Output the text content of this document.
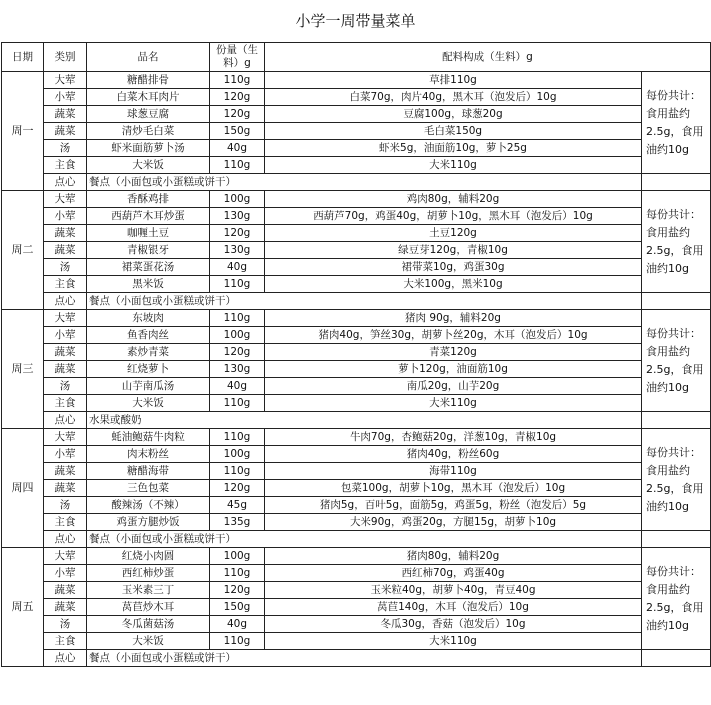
小学一周带量菜单
日期	类别	品名	份量（生料）g	配料构成（生料）g	
周一	大荤	糖醋排骨	110g	草排110g	每份共计：食用盐约2.5g，食用油约10g
	小荤	白菜木耳肉片	120g	白菜70g，肉片40g，黑木耳（泡发后）10g	
	蔬菜	球葱豆腐	120g	豆腐100g，球葱20g	
	蔬菜	清炒毛白菜	150g	毛白菜150g	
	汤	虾米面筋萝卜汤	40g	虾米5g，油面筋10g，萝卜25g	
	主食	大米饭	110g	大米110g	
	点心	餐点（小面包或小蛋糕或饼干）			
周二	大荤	香酥鸡排	100g	鸡肉80g，辅料20g	每份共计：食用盐约2.5g，食用油约10g
	小荤	西葫芦木耳炒蛋	130g	西葫芦70g，鸡蛋40g，胡萝卜10g，黑木耳（泡发后）10g	
	蔬菜	咖喱土豆	120g	土豆120g	
	蔬菜	青椒银牙	130g	绿豆芽120g，青椒10g	
	汤	裙菜蛋花汤	40g	裙带菜10g，鸡蛋30g	
	主食	黑米饭	110g	大米100g，黑米10g	
	点心	餐点（小面包或小蛋糕或饼干）			
周三	大荤	东坡肉	110g	猪肉 90g，辅料20g	每份共计：食用盐约2.5g，食用油约10g
	小荤	鱼香肉丝	100g	猪肉40g，笋丝30g，胡萝卜丝20g，木耳（泡发后）10g	
	蔬菜	素炒青菜	120g	青菜120g	
	蔬菜	红烧萝卜	130g	萝卜120g，油面筋10g	
	汤	山芋南瓜汤	40g	南瓜20g，山芋20g	
	主食	大米饭	110g	大米110g	
	点心	水果或酸奶			
周四	大荤	蚝油鲍菇牛肉粒	110g	牛肉70g，杏鲍菇20g，洋葱10g，青椒10g	每份共计：食用盐约2.5g，食用油约10g
	小荤	肉末粉丝	100g	猪肉40g，粉丝60g	
	蔬菜	糖醋海带	110g	海带110g	
	蔬菜	三色包菜	120g	包菜100g，胡萝卜10g，黑木耳（泡发后）10g	
	汤	酸辣汤（不辣）	45g	猪肉5g，百叶5g，面筋5g，鸡蛋5g，粉丝（泡发后）5g	
	主食	鸡蛋方腿炒饭	135g	大米90g，鸡蛋20g，方腿15g，胡萝卜10g	
	点心	餐点（小面包或小蛋糕或饼干）			
周五	大荤	红烧小肉圆	100g	猪肉80g，辅料20g	每份共计：食用盐约2.5g，食用油约10g
	小荤	西红柿炒蛋	110g	西红柿70g，鸡蛋40g	
	蔬菜	玉米素三丁	120g	玉米粒40g，胡萝卜40g，青豆40g	
	蔬菜	莴苣炒木耳	150g	莴苣140g，木耳（泡发后）10g	
	汤	冬瓜菌菇汤	40g	冬瓜30g，香菇（泡发后）10g	
	主食	大米饭	110g	大米110g	
	点心	餐点（小面包或小蛋糕或饼干）			
